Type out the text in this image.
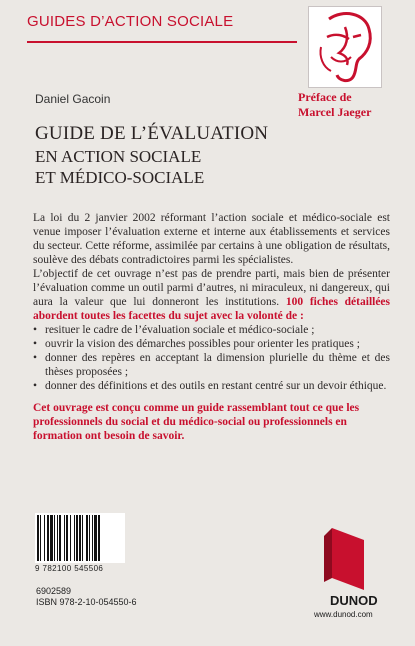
GUIDES D’ACTION SOCIALE
Daniel Gacoin	Préface de
Marcel Jaeger
GUIDE DE L’ÉVALUATION
EN ACTION SOCIALE
ET MÉDICO-SOCIALE

La loi du 2 janvier 2002 réformant l’action sociale et médico-sociale est venue imposer l’évaluation externe et interne aux établissements et services du secteur. Cette réforme, assimilée par certains à une obligation de résultats, soulève des débats contradictoires parmi les spécialistes.

L’objectif de cet ouvrage n’est pas de prendre parti, mais bien de présenter l’évaluation comme un outil parmi d’autres, ni miraculeux, ni dangereux, qui aura la valeur que lui donneront les institutions. 100 fiches détaillées abordent toutes les facettes du sujet avec la volonté de :

• resituer le cadre de l’évaluation sociale et médico-sociale ;
• ouvrir la vision des démarches possibles pour orienter les pratiques ;
• donner des repères en acceptant la dimension plurielle du thème et des thèses proposées ;
• donner des définitions et des outils en restant centré sur un devoir éthique.

Cet ouvrage est conçu comme un guide rassemblant tout ce que les professionnels du social et du médico-social ou professionnels en formation ont besoin de savoir.

9 782100 545506
6902589
ISBN 978-2-10-054550-6	DUNOD
www.dunod.com
